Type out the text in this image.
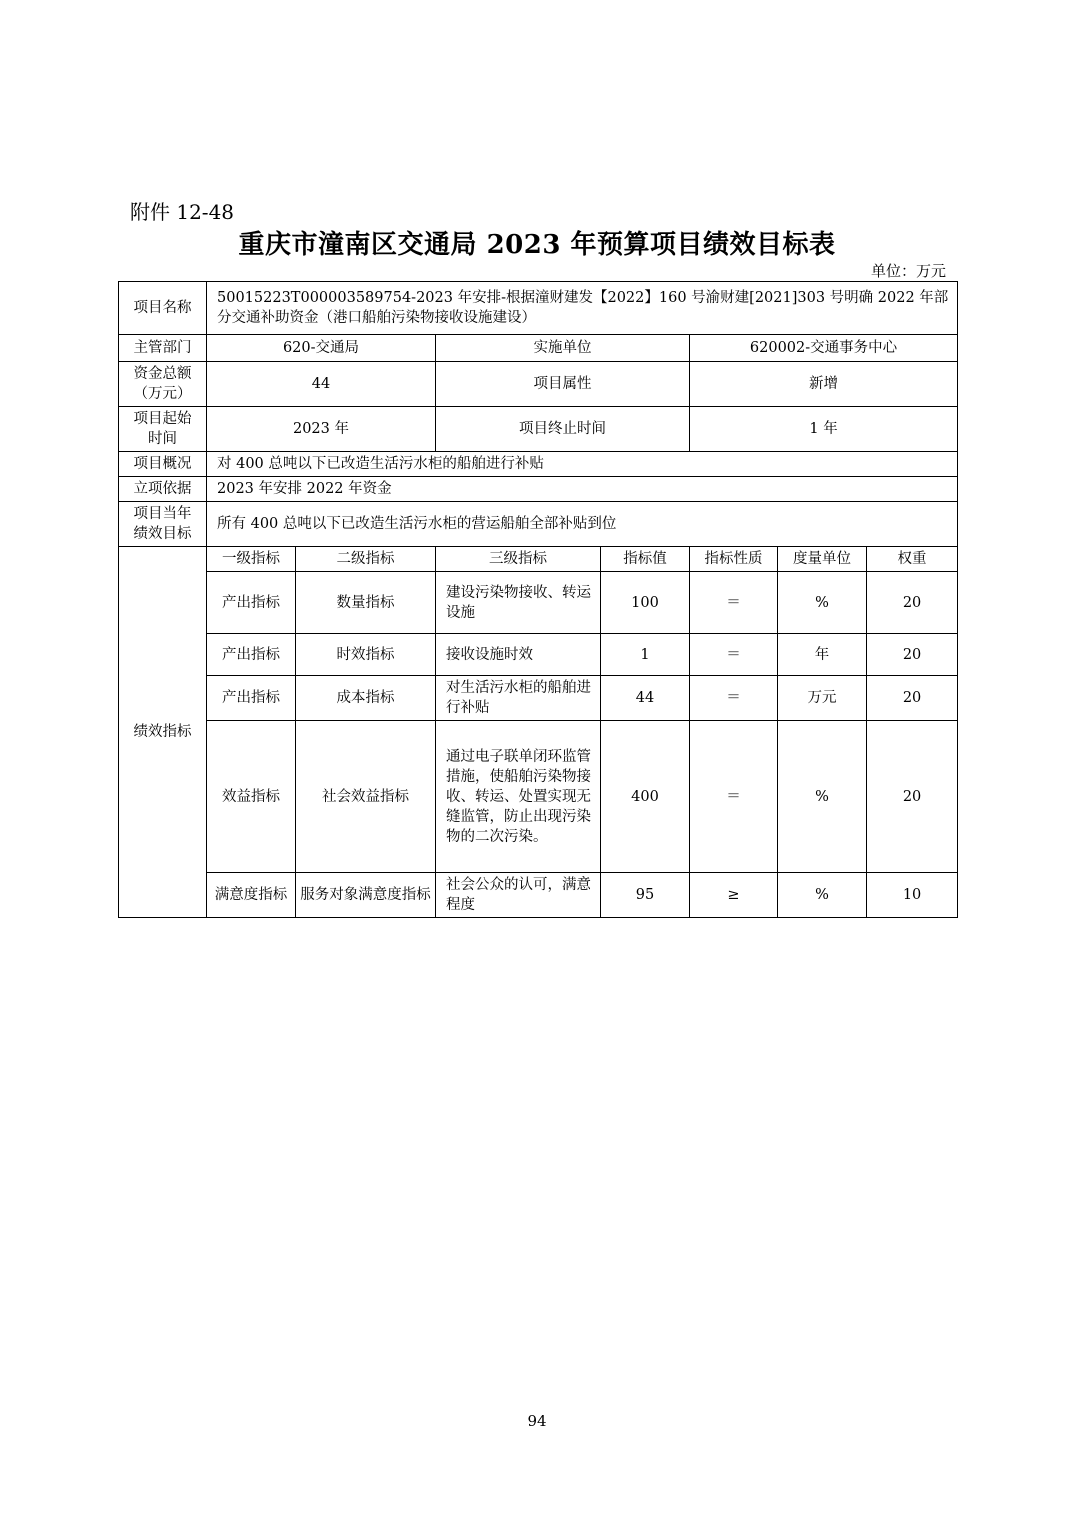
附件 12-48
重庆市潼南区交通局 2023 年预算项目绩效目标表
单位：万元
项目名称	50015223T000003589754-2023 年安排-根据潼财建发【2022】160 号渝财建[2021]303 号明确 2022 年部分交通补助资金（港口船舶污染物接收设施建设）						
主管部门	620-交通局		实施单位		620002-交通事务中心		
资金总额
（万元）	44		项目属性		新增		
项目起始
时间	2023 年		项目终止时间		1 年		
项目概况	对 400 总吨以下已改造生活污水柜的船舶进行补贴						
立项依据	2023 年安排 2022 年资金						
项目当年
绩效目标	所有 400 总吨以下已改造生活污水柜的营运船舶全部补贴到位						
绩效指标	一级指标	二级指标	三级指标	指标值	指标性质	度量单位	权重
	产出指标	数量指标	建设污染物接收、转运设施	100	＝	%	20
	产出指标	时效指标	接收设施时效	1	＝	年	20
	产出指标	成本指标	对生活污水柜的船舶进行补贴	44	＝	万元	20
	效益指标	社会效益指标	通过电子联单闭环监管措施，使船舶污染物接收、转运、处置实现无缝监管，防止出现污染物的二次污染。	400	＝	%	20
	满意度指标	服务对象满意度指标	社会公众的认可，满意程度	95	≥	%	10
94
